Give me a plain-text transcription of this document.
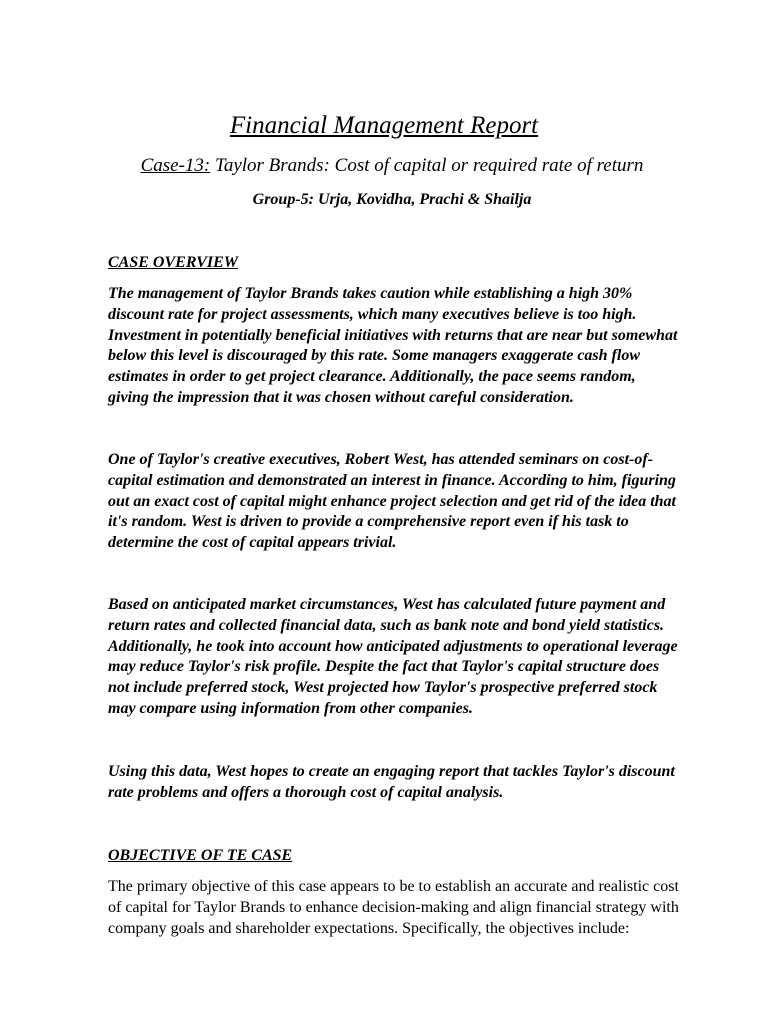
Financial Management Report

Case-13: Taylor Brands: Cost of capital or required rate of return

Group-5: Urja, Kovidha, Prachi & Shailja

CASE OVERVIEW

The management of Taylor Brands takes caution while establishing a high 30% discount rate for project assessments, which many executives believe is too high. Investment in potentially beneficial initiatives with returns that are near but somewhat below this level is discouraged by this rate. Some managers exaggerate cash flow estimates in order to get project clearance. Additionally, the pace seems random, giving the impression that it was chosen without careful consideration.

One of Taylor's creative executives, Robert West, has attended seminars on cost-of-capital estimation and demonstrated an interest in finance. According to him, figuring out an exact cost of capital might enhance project selection and get rid of the idea that it's random. West is driven to provide a comprehensive report even if his task to determine the cost of capital appears trivial.

Based on anticipated market circumstances, West has calculated future payment and return rates and collected financial data, such as bank note and bond yield statistics. Additionally, he took into account how anticipated adjustments to operational leverage may reduce Taylor's risk profile. Despite the fact that Taylor's capital structure does not include preferred stock, West projected how Taylor's prospective preferred stock may compare using information from other companies.

Using this data, West hopes to create an engaging report that tackles Taylor's discount rate problems and offers a thorough cost of capital analysis.

OBJECTIVE OF TE CASE

The primary objective of this case appears to be to establish an accurate and realistic cost of capital for Taylor Brands to enhance decision-making and align financial strategy with company goals and shareholder expectations. Specifically, the objectives include:
